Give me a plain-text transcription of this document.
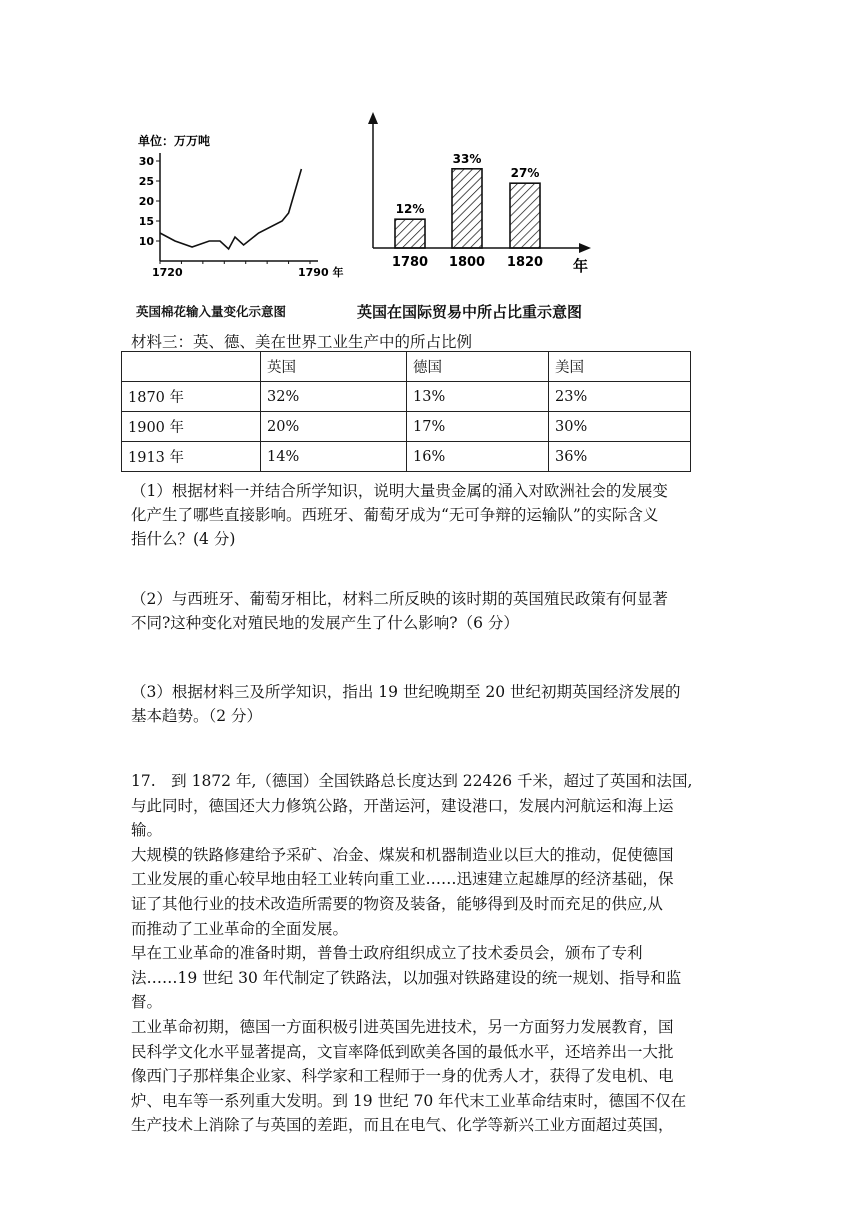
单位：万万吨
30
25
20
15
10
1720	1790 年
12%
1780
33%
1800
27%
1820 年
英国棉花输入量变化示意图	英国在国际贸易中所占比重示意图
材料三：英、德、美在世界工业生产中的所占比例
	英国	德国	美国
1870 年	32%	13%	23%
1900 年	20%	17%	30%
1913 年	14%	16%	36%
（1）根据材料一并结合所学知识，说明大量贵金属的涌入对欧洲社会的发展变
化产生了哪些直接影响。西班牙、葡萄牙成为“无可争辩的运输队”的实际含义
指什么？(4 分)
（2）与西班牙、葡萄牙相比，材料二所反映的该时期的英国殖民政策有何显著
不同?这种变化对殖民地的发展产生了什么影响?（6 分）
（3）根据材料三及所学知识，指出 19 世纪晚期至 20 世纪初期英国经济发展的
基本趋势。（2 分）
17.　到 1872 年,（德国）全国铁路总长度达到 22426 千米，超过了英国和法国,
与此同时，德国还大力修筑公路，开凿运河，建设港口，发展内河航运和海上运
输。
大规模的铁路修建给予采矿、冶金、煤炭和机器制造业以巨大的推动，促使德国
工业发展的重心较早地由轻工业转向重工业……迅速建立起雄厚的经济基础，保
证了其他行业的技术改造所需要的物资及装备，能够得到及时而充足的供应,从
而推动了工业革命的全面发展。
早在工业革命的准备时期，普鲁士政府组织成立了技术委员会，颁布了专利
法……19 世纪 30 年代制定了铁路法，以加强对铁路建设的统一规划、指导和监
督。
工业革命初期，德国一方面积极引进英国先进技术，另一方面努力发展教育，国
民科学文化水平显著提高，文盲率降低到欧美各国的最低水平，还培养出一大批
像西门子那样集企业家、科学家和工程师于一身的优秀人才，获得了发电机、电
炉、电车等一系列重大发明。到 19 世纪 70 年代末工业革命结束时，德国不仅在
生产技术上消除了与英国的差距，而且在电气、化学等新兴工业方面超过英国，
